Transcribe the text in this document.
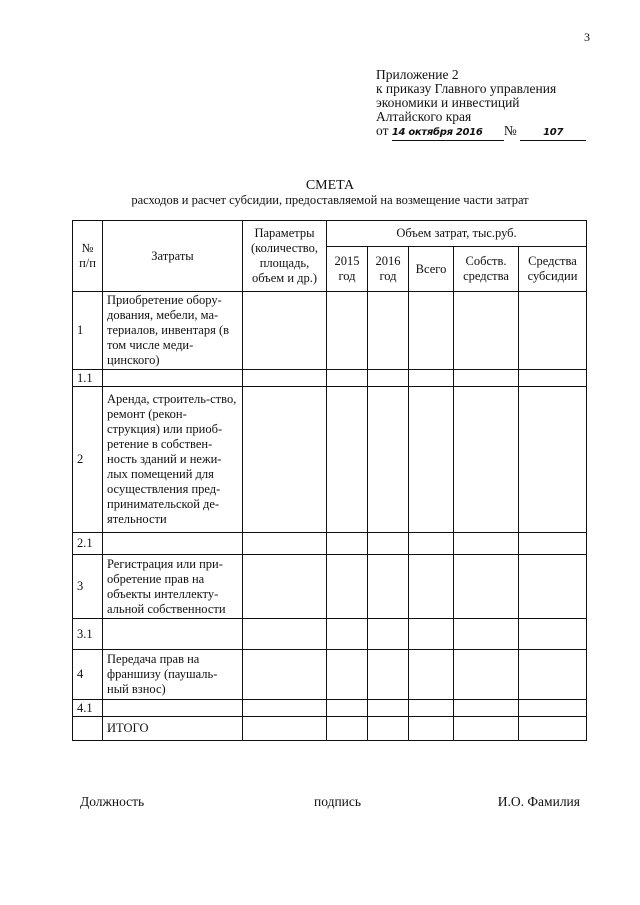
3
Приложение 2
к приказу Главного управления
экономики и инвестиций
Алтайского края
от 14 октября 2016 №	107
СМЕТА
расходов и расчет субсидии, предоставляемой на возмещение части затрат
№ п/п	Затраты	Параметры (количество, площадь, объем и др.)	Объем затрат, тыс.руб.				
			2015 год	2016 год	Всего	Собств. средства	Средства субсидии
1	Приобретение обору-дования, мебели, ма-териалов, инвентаря (в том числе меди-цинского)						
1.1							
2	Аренда, строитель-ство, ремонт (рекон-струкция) или приоб-ретение в собствен-ность зданий и нежи-лых помещений для осуществления пред-принимательской де-ятельности						
2.1							
3	Регистрация или при-обретение прав на объекты интеллекту-альной собственности						
3.1							
4	Передача прав на франшизу (паушаль-ный взнос)						
4.1							
	ИТОГО						
Должность	подпись	И.О. Фамилия
